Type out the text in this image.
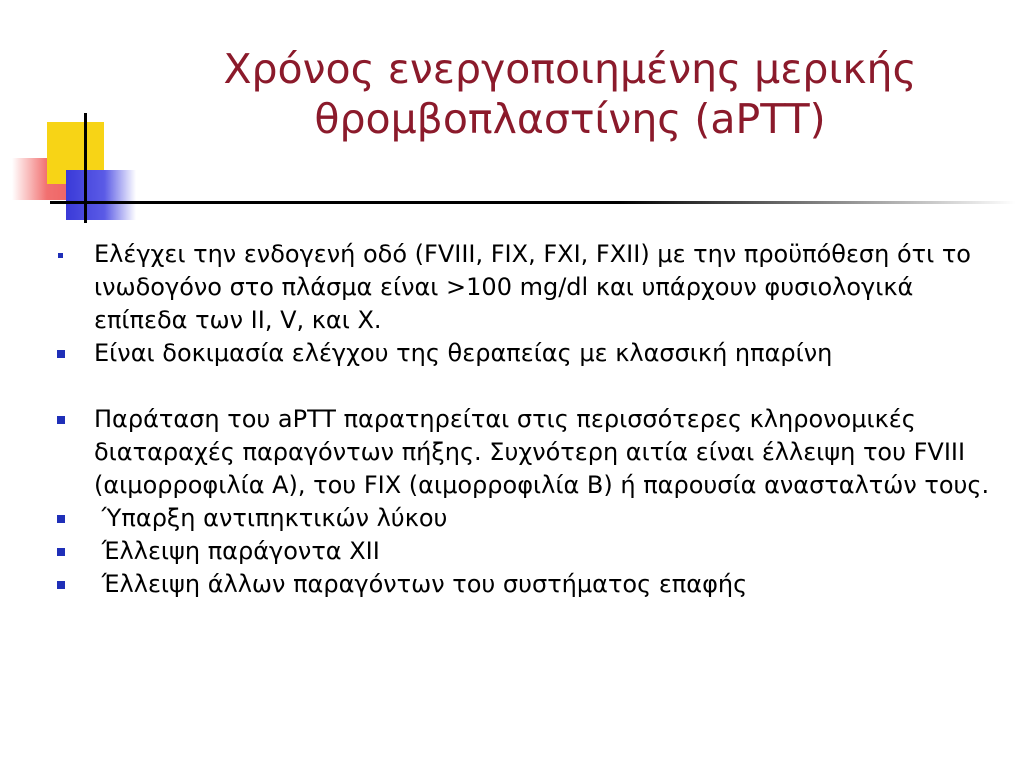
Χρόνος ενεργοποιημένης μερικής
θρομβοπλαστίνης (aPTT)
Ελέγχει την ενδογενή οδό (FVIII, FIX, FXI, FXII) με την προϋπόθεση ότι το ινωδογόνο στο πλάσμα είναι >100 mg/dl και υπάρχουν φυσιολογικά επίπεδα των II, V, και Χ.
Είναι δοκιμασία ελέγχου της θεραπείας με κλασσική ηπαρίνη
Παράταση του aPTT παρατηρείται στις περισσότερες κληρονομικές διαταραχές παραγόντων πήξης. Συχνότερη αιτία είναι έλλειψη του FVIII (αιμορροφιλία Α), του FIX (αιμορροφιλία Β) ή παρουσία ανασταλτών τους.
Ύπαρξη αντιπηκτικών λύκου
Έλλειψη παράγοντα XII
Έλλειψη άλλων παραγόντων του συστήματος επαφής
